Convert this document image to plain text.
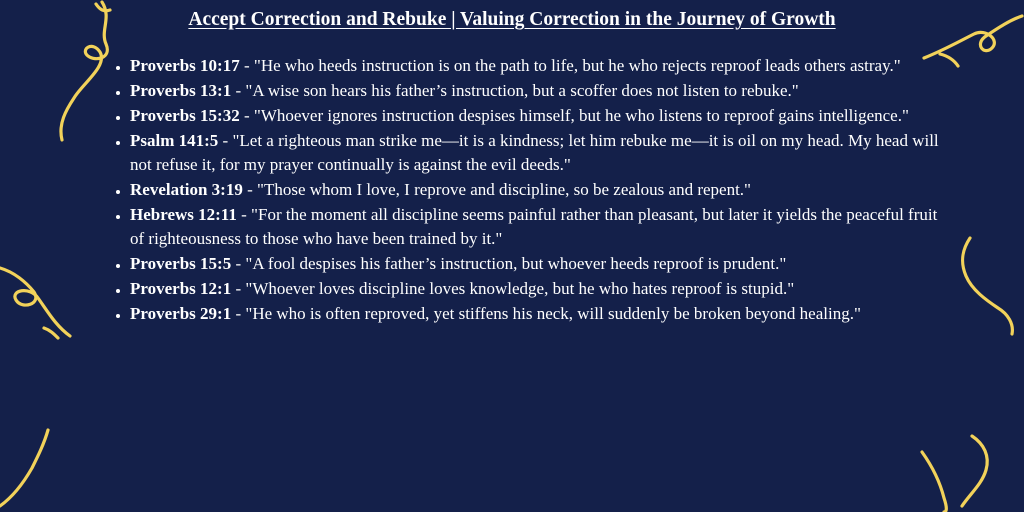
Accept Correction and Rebuke | Valuing Correction in the Journey of Growth
• Proverbs 10:17 - "He who heeds instruction is on the path to life, but he who rejects reproof leads others astray."
• Proverbs 13:1 - "A wise son hears his father’s instruction, but a scoffer does not listen to rebuke."
• Proverbs 15:32 - "Whoever ignores instruction despises himself, but he who listens to reproof gains intelligence."
• Psalm 141:5 - "Let a righteous man strike me—it is a kindness; let him rebuke me—it is oil on my head. My head will not refuse it, for my prayer continually is against the evil deeds."
• Revelation 3:19 - "Those whom I love, I reprove and discipline, so be zealous and repent."
• Hebrews 12:11 - "For the moment all discipline seems painful rather than pleasant, but later it yields the peaceful fruit of righteousness to those who have been trained by it."
• Proverbs 15:5 - "A fool despises his father’s instruction, but whoever heeds reproof is prudent."
• Proverbs 12:1 - "Whoever loves discipline loves knowledge, but he who hates reproof is stupid."
• Proverbs 29:1 - "He who is often reproved, yet stiffens his neck, will suddenly be broken beyond healing."
